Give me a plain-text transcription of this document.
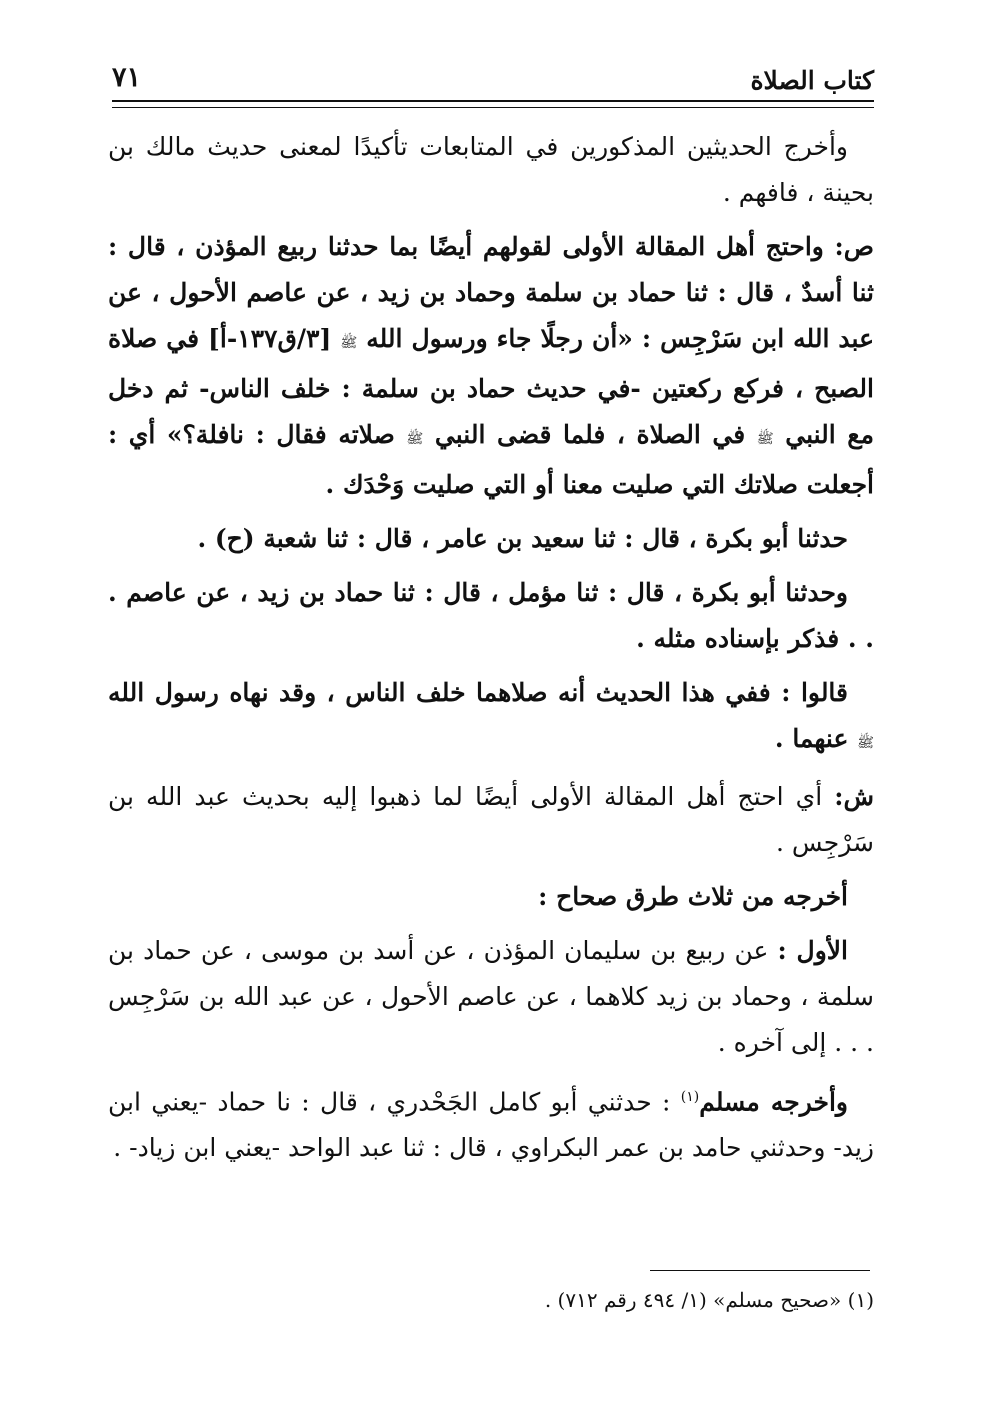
كتاب الصلاة
٧١

وأخرج الحديثين المذكورين في المتابعات تأكيدًا لمعنى حديث مالك بن بحينة ، فافهم .

ص: واحتج أهل المقالة الأولى لقولهم أيضًا بما حدثنا ربيع المؤذن ، قال : ثنا أسدٌ ، قال : ثنا حماد بن سلمة وحماد بن زيد ، عن عاصم الأحول ، عن عبد الله ابن سَرْجِس : «أن رجلًا جاء ورسول الله ﷺ [٣/ق١٣٧-أ] في صلاة الصبح ، فركع ركعتين -في حديث حماد بن سلمة : خلف الناس- ثم دخل مع النبي ﷺ في الصلاة ، فلما قضى النبي ﷺ صلاته فقال : نافلة؟» أي : أجعلت صلاتك التي صليت معنا أو التي صليت وَحْدَك .

حدثنا أبو بكرة ، قال : ثنا سعيد بن عامر ، قال : ثنا شعبة (ح) .

وحدثنا أبو بكرة ، قال : ثنا مؤمل ، قال : ثنا حماد بن زيد ، عن عاصم . . . فذكر بإسناده مثله .

قالوا : ففي هذا الحديث أنه صلاهما خلف الناس ، وقد نهاه رسول الله ﷺ عنهما .

ش: أي احتج أهل المقالة الأولى أيضًا لما ذهبوا إليه بحديث عبد الله بن سَرْجِس .

أخرجه من ثلاث طرق صحاح :

الأول : عن ربيع بن سليمان المؤذن ، عن أسد بن موسى ، عن حماد بن سلمة ، وحماد بن زيد كلاهما ، عن عاصم الأحول ، عن عبد الله بن سَرْجِس . . . إلى آخره .

وأخرجه مسلم$^{(١)}$ : حدثني أبو كامل الجَحْدري ، قال : نا حماد -يعني ابن زيد- وحدثني حامد بن عمر البكراوي ، قال : ثنا عبد الواحد -يعني ابن زياد- .

(١) «صحيح مسلم» (١/ ٤٩٤ رقم ٧١٢) .
